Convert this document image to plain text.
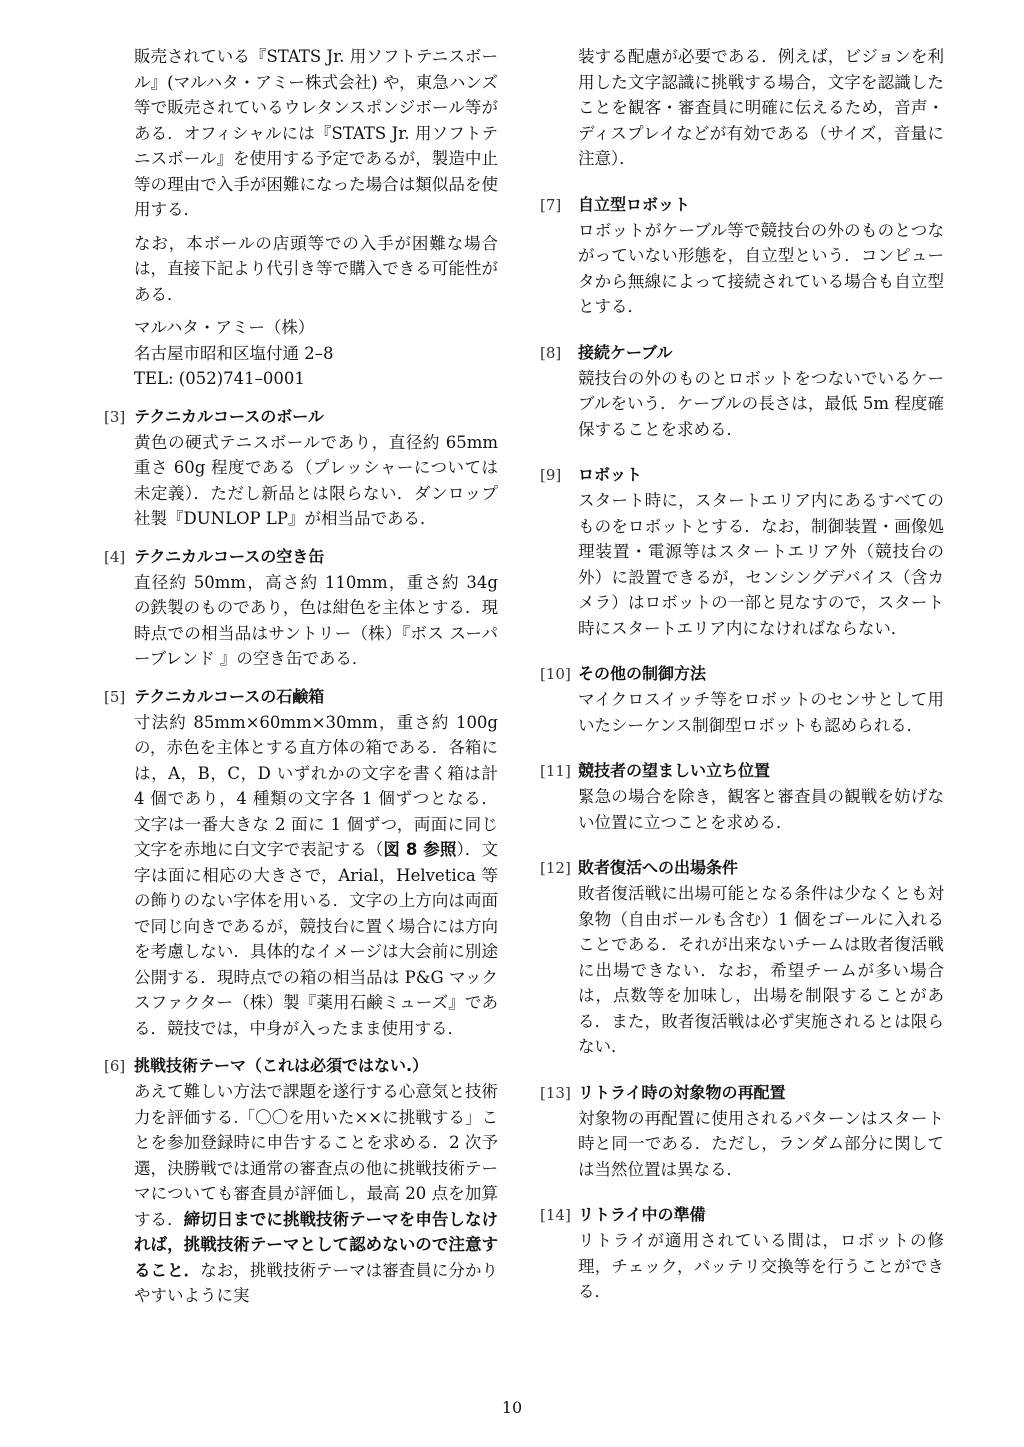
販売されている『STATS Jr. 用ソフトテニスボール』(マルハタ・アミー株式会社) や，東急ハンズ等で販売されているウレタンスポンジボール等がある．オフィシャルには『STATS Jr. 用ソフトテニスボール』を使用する予定であるが，製造中止等の理由で入手が困難になった場合は類似品を使用する．

なお，本ボールの店頭等での入手が困難な場合は，直接下記より代引き等で購入できる可能性がある．

マルハタ・アミー（株）
名古屋市昭和区塩付通 2–8
TEL: (052)741–0001
[3] テクニカルコースのボール

黄色の硬式テニスボールであり，直径約 65mm 重さ 60g 程度である（プレッシャーについては未定義）．ただし新品とは限らない．ダンロップ社製『DUNLOP LP』が相当品である．

[4] テクニカルコースの空き缶

直径約 50mm，高さ約 110mm，重さ約 34g の鉄製のものであり，色は紺色を主体とする．現時点での相当品はサントリー（株）『ボス スーパーブレンド 』の空き缶である．

[5] テクニカルコースの石鹸箱

寸法約 85mm×60mm×30mm，重さ約 100g の，赤色を主体とする直方体の箱である．各箱には，A，B，C，D いずれかの文字を書く箱は計 4 個であり，4 種類の文字各 1 個ずつとなる．文字は一番大きな 2 面に 1 個ずつ，両面に同じ文字を赤地に白文字で表記する（図 8 参照）．文字は面に相応の大きさで，Arial，Helvetica 等の飾りのない字体を用いる．文字の上方向は両面で同じ向きであるが，競技台に置く場合には方向を考慮しない．具体的なイメージは大会前に別途公開する．現時点での箱の相当品は P&G マックスファクター（株）製『薬用石鹸ミューズ』である．競技では，中身が入ったまま使用する．

[6] 挑戦技術テーマ（これは必須ではない.）

あえて難しい方法で課題を遂行する心意気と技術力を評価する.「〇〇を用いた××に挑戦する」ことを参加登録時に申告することを求める．2 次予選，決勝戦では通常の審査点の他に挑戦技術テーマについても審査員が評価し，最高 20 点を加算する．締切日までに挑戦技術テーマを申告しなければ，挑戦技術テーマとして認めないので注意すること．なお，挑戦技術テーマは審査員に分かりやすいように実

装する配慮が必要である．例えば，ビジョンを利用した文字認識に挑戦する場合，文字を認識したことを観客・審査員に明確に伝えるため，音声・ディスプレイなどが有効である（サイズ，音量に注意）．

[7]	自立型ロボット

ロボットがケーブル等で競技台の外のものとつながっていない形態を，自立型という．コンピュータから無線によって接続されている場合も自立型とする．

[8]	接続ケーブル

競技台の外のものとロボットをつないでいるケーブルをいう．ケーブルの長さは，最低 5m 程度確保することを求める．

[9]	ロボット

スタート時に，スタートエリア内にあるすべてのものをロボットとする．なお，制御装置・画像処理装置・電源等はスタートエリア外（競技台の外）に設置できるが，センシングデバイス（含カメラ）はロボットの一部と見なすので，スタート時にスタートエリア内になければならない．

[10] その他の制御方法

マイクロスイッチ等をロボットのセンサとして用いたシーケンス制御型ロボットも認められる．

[11] 競技者の望ましい立ち位置

緊急の場合を除き，観客と審査員の観戦を妨げない位置に立つことを求める．

[12] 敗者復活への出場条件

敗者復活戦に出場可能となる条件は少なくとも対象物（自由ボールも含む）1 個をゴールに入れることである．それが出来ないチームは敗者復活戦に出場できない．なお，希望チームが多い場合は，点数等を加味し，出場を制限することがある．また，敗者復活戦は必ず実施されるとは限らない．

[13] リトライ時の対象物の再配置

対象物の再配置に使用されるパターンはスタート時と同一である．ただし，ランダム部分に関しては当然位置は異なる．

[14] リトライ中の準備

リトライが適用されている間は，ロボットの修理，チェック，バッテリ交換等を行うことができる．

10
